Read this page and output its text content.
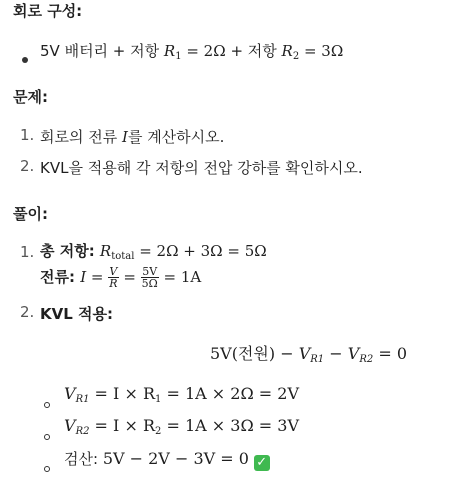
회로 구성:
5V 배터리 + 저항 $R_1 = 2\Omega$ + 저항 $R_2 = 3\Omega$
문제:
1. 회로의 전류 I를 계산하시오.
2. KVL을 적용해 각 저항의 전압 강하를 확인하시오.
풀이:
1. 총 저항: $R_{total} = 2\Omega + 3\Omega = 5\Omega$
전류: $I = \frac{V}{R} = \frac{5V}{5\Omega} = 1A$
2. KVL 적용:
5V(전원) − $V_{R1} - V_{R2} = 0$
$V_{R1} = I \times R_1 = 1A \times 2\Omega = 2V$
$V_{R2} = I \times R_2 = 1A \times 3\Omega = 3V$
검산: 5V − 2V − 3V = 0 ✓
